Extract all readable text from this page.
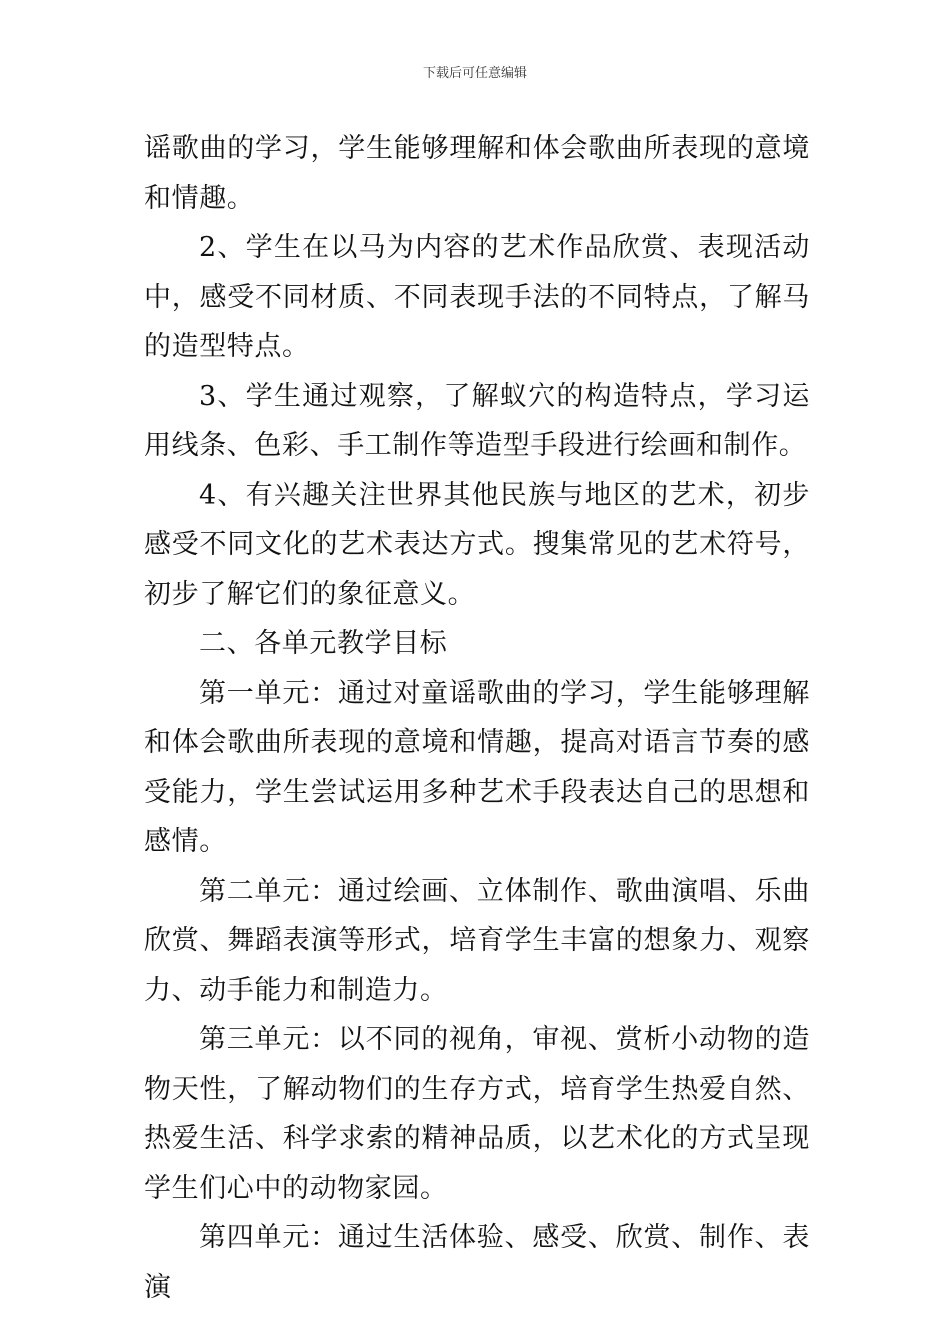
下载后可任意编辑

谣歌曲的学习，学生能够理解和体会歌曲所表现的意境和情趣。

2、学生在以马为内容的艺术作品欣赏、表现活动中，感受不同材质、不同表现手法的不同特点，了解马的造型特点。

3、学生通过观察，了解蚁穴的构造特点，学习运用线条、色彩、手工制作等造型手段进行绘画和制作。

4、有兴趣关注世界其他民族与地区的艺术，初步感受不同文化的艺术表达方式。搜集常见的艺术符号，初步了解它们的象征意义。

二、各单元教学目标

第一单元：通过对童谣歌曲的学习，学生能够理解和体会歌曲所表现的意境和情趣，提高对语言节奏的感受能力，学生尝试运用多种艺术手段表达自己的思想和感情。

第二单元：通过绘画、立体制作、歌曲演唱、乐曲欣赏、舞蹈表演等形式，培育学生丰富的想象力、观察力、动手能力和制造力。

第三单元：以不同的视角，审视、赏析小动物的造物天性，了解动物们的生存方式，培育学生热爱自然、热爱生活、科学求索的精神品质，以艺术化的方式呈现学生们心中的动物家园。

第四单元：通过生活体验、感受、欣赏、制作、表演
